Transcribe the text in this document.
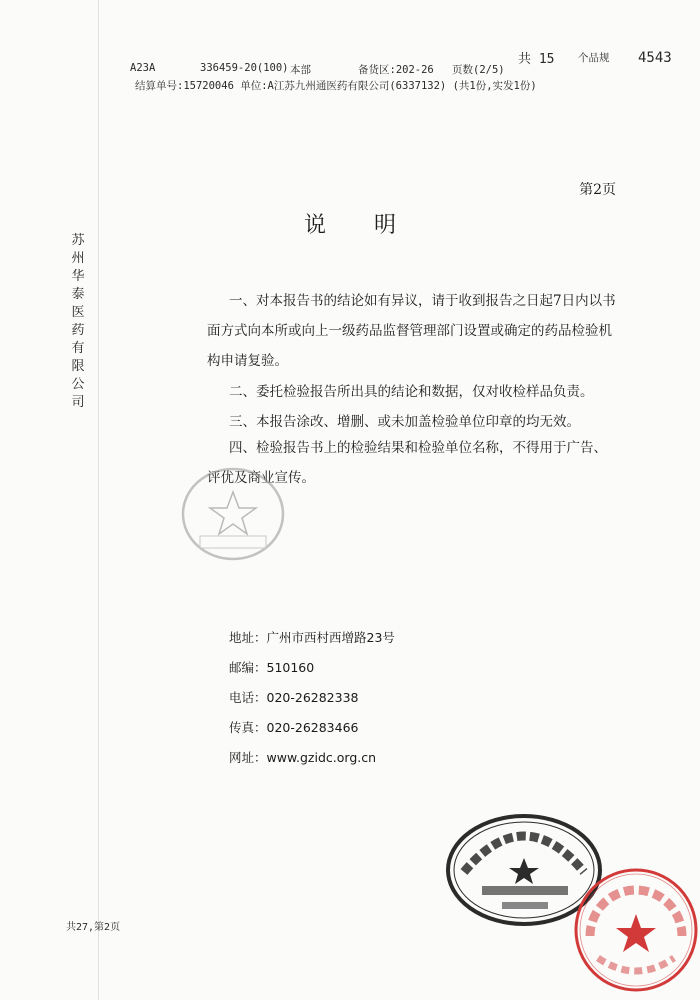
A23A	336459-20(100) 本部	备货区:202-26 页数(2/5)
共 15 个品规 4543
结算单号:15720046 单位:A江苏九州通医药有限公司(6337132) (共1份,实发1份)
苏州华泰医药有限公司
第2页
说明
一、对本报告书的结论如有异议，请于收到报告之日起7日内以书面方式向本所或向上一级药品监督管理部门设置或确定的药品检验机构申请复验。
二、委托检验报告所出具的结论和数据，仅对收检样品负责。
三、本报告涂改、增删、或未加盖检验单位印章的均无效。
四、检验报告书上的检验结果和检验单位名称，不得用于广告、评优及商业宣传。
地址：广州市西村西增路23号
邮编：510160
电话：020-26282338
传真：020-26283466
网址：www.gzidc.org.cn
共27,第2页
